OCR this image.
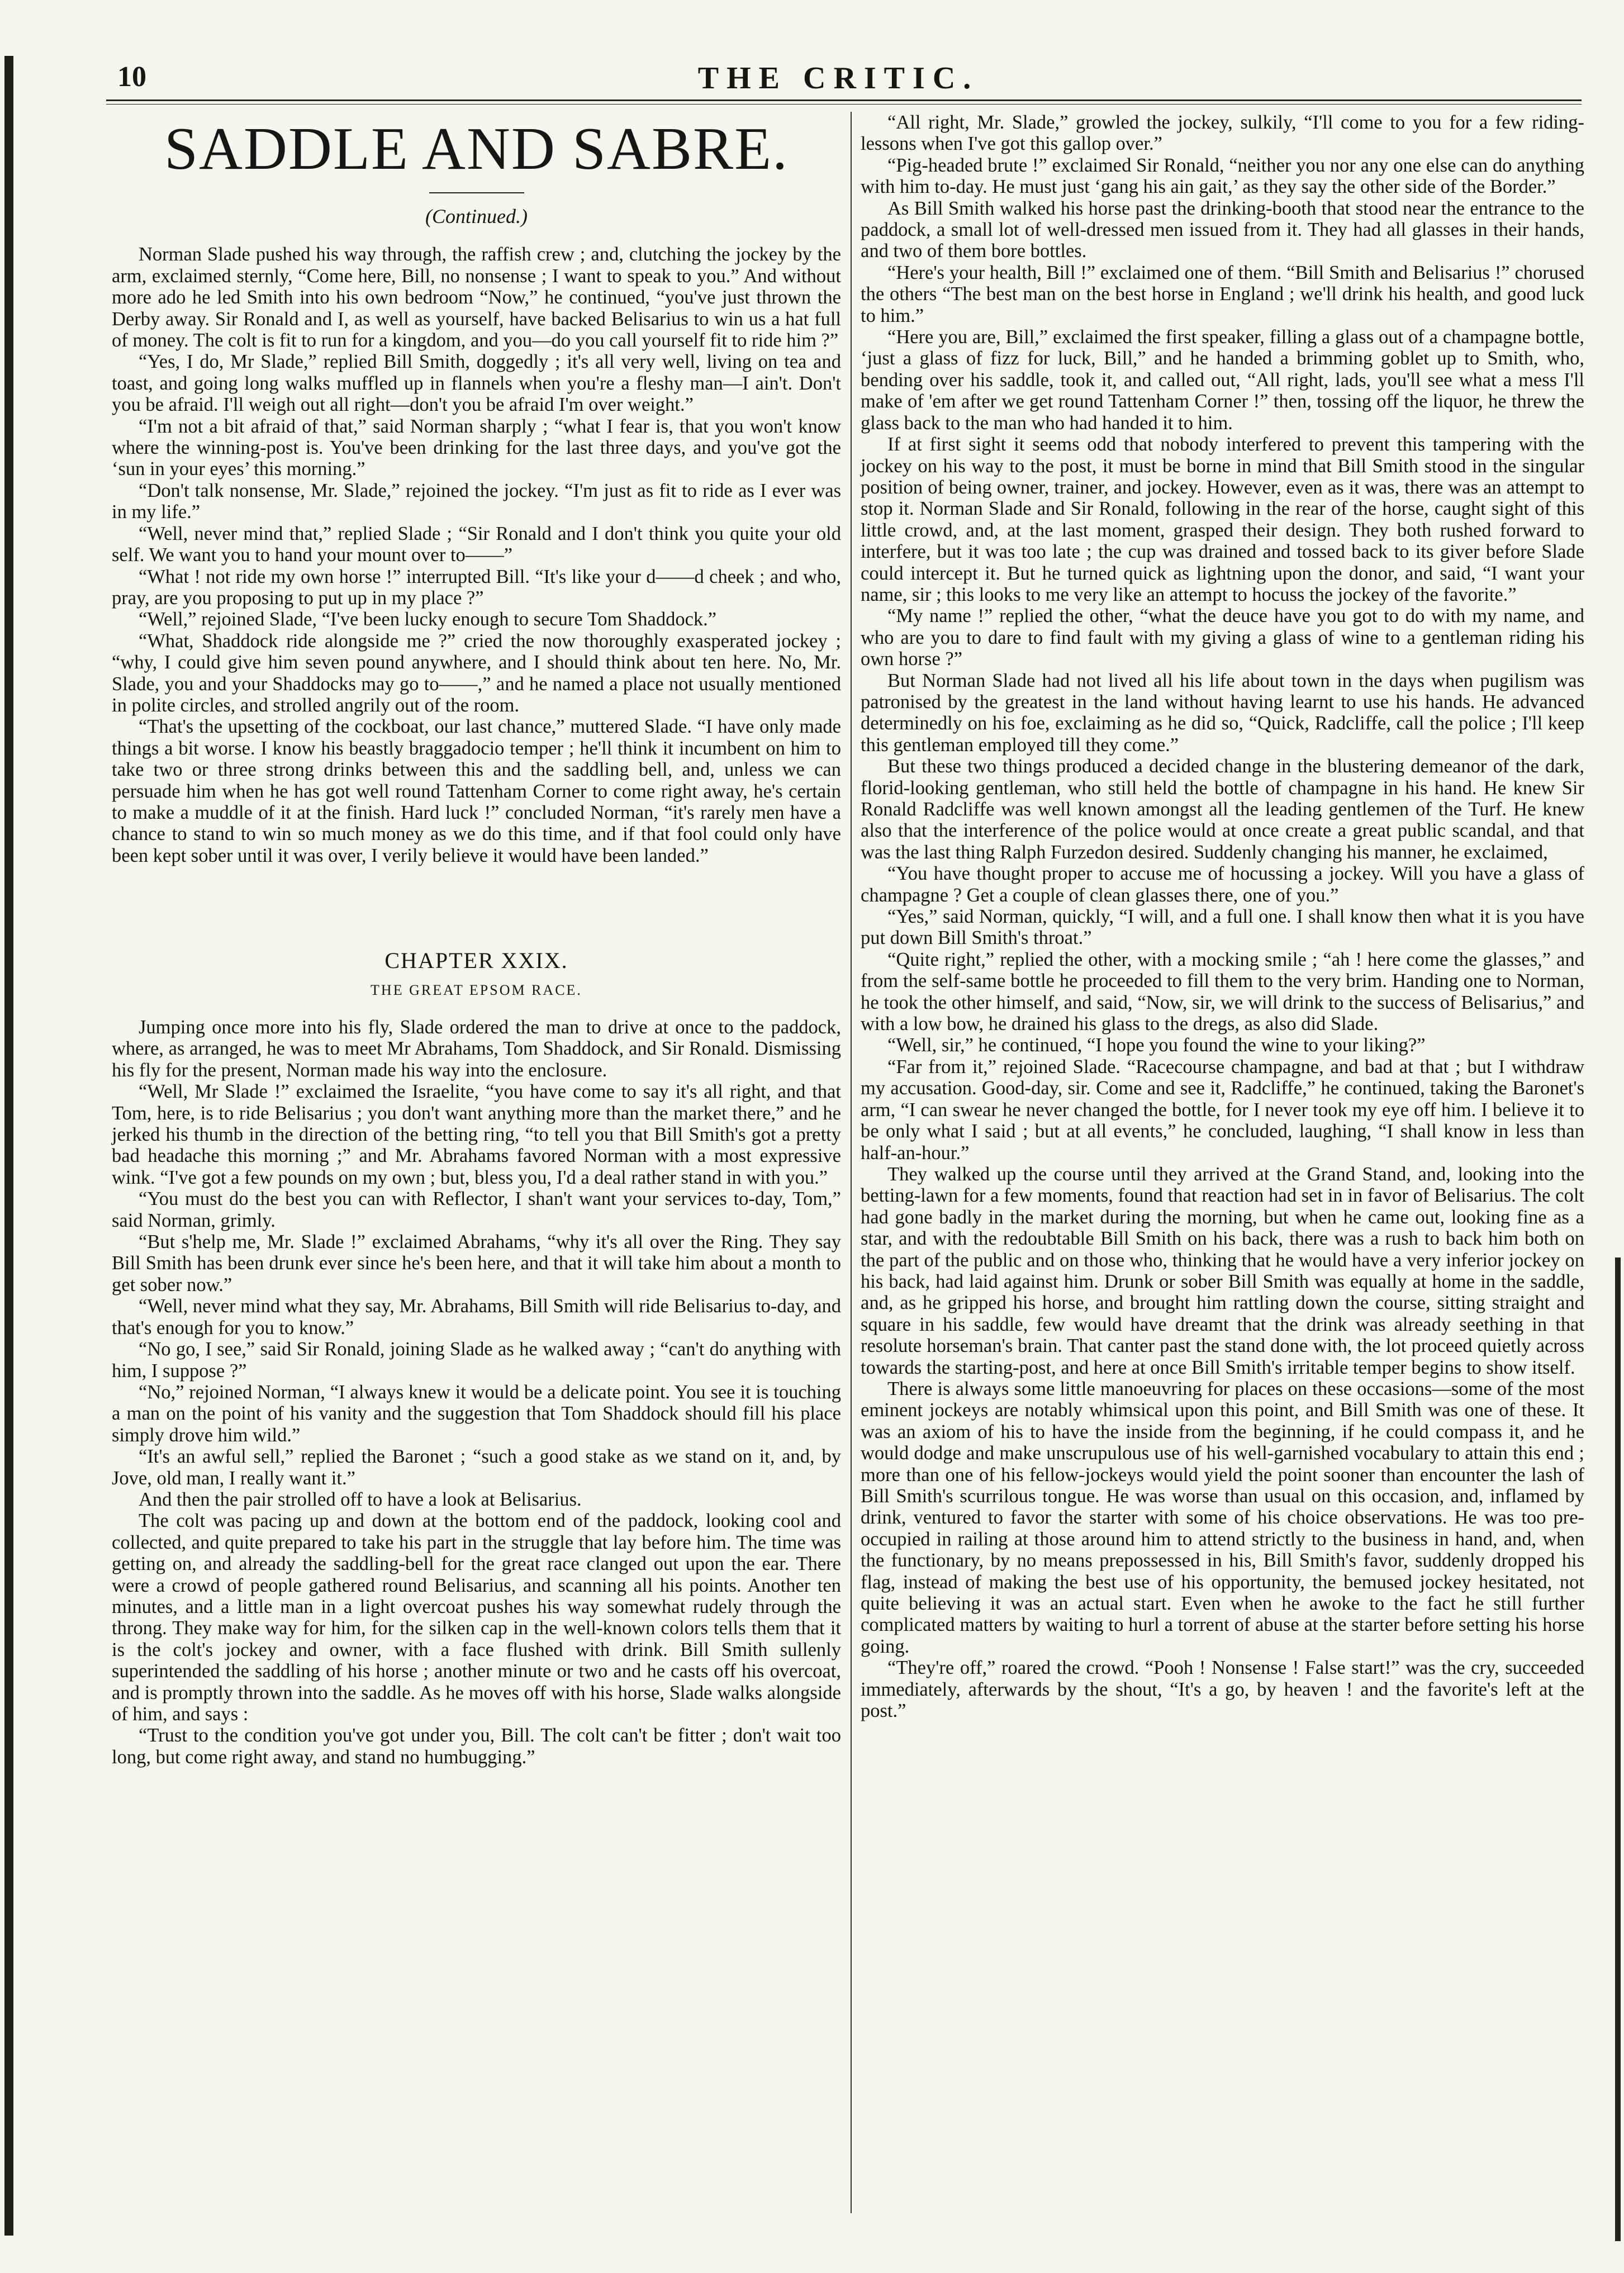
10	THE CRITIC.
SADDLE AND SABRE.
(Continued.)

Norman Slade pushed his way through, the raffish crew ; and, clutching the jockey by the arm, exclaimed sternly, “Come here, Bill, no nonsense ; I want to speak to you.” And without more ado he led Smith into his own bedroom “Now,” he continued, “you've just thrown the Derby away. Sir Ronald and I, as well as yourself, have backed Belisarius to win us a hat full of money. The colt is fit to run for a kingdom, and you—do you call yourself fit to ride him ?”

“Yes, I do, Mr Slade,” replied Bill Smith, doggedly ; it's all very well, living on tea and toast, and going long walks muffled up in flannels when you're a fleshy man—I ain't. Don't you be afraid. I'll weigh out all right—don't you be afraid I'm over weight.”

“I'm not a bit afraid of that,” said Norman sharply ; “what I fear is, that you won't know where the winning-post is. You've been drinking for the last three days, and you've got the ‘sun in your eyes’ this morning.”

“Don't talk nonsense, Mr. Slade,” rejoined the jockey. “I'm just as fit to ride as I ever was in my life.”

“Well, never mind that,” replied Slade ; “Sir Ronald and I don't think you quite your old self. We want you to hand your mount over to——”

“What ! not ride my own horse !” interrupted Bill. “It's like your d——d cheek ; and who, pray, are you proposing to put up in my place ?”

“Well,” rejoined Slade, “I've been lucky enough to secure Tom Shaddock.”

“What, Shaddock ride alongside me ?” cried the now thoroughly exasperated jockey ; “why, I could give him seven pound anywhere, and I should think about ten here. No, Mr. Slade, you and your Shaddocks may go to——,” and he named a place not usually mentioned in polite circles, and strolled angrily out of the room.

“That's the upsetting of the cockboat, our last chance,” muttered Slade. “I have only made things a bit worse. I know his beastly braggadocio temper ; he'll think it incumbent on him to take two or three strong drinks between this and the saddling bell, and, unless we can persuade him when he has got well round Tattenham Corner to come right away, he's certain to make a muddle of it at the finish. Hard luck !” concluded Norman, “it's rarely men have a chance to stand to win so much money as we do this time, and if that fool could only have been kept sober until it was over, I verily believe it would have been landed.”

CHAPTER XXIX.
THE GREAT EPSOM RACE.

Jumping once more into his fly, Slade ordered the man to drive at once to the paddock, where, as arranged, he was to meet Mr Abrahams, Tom Shaddock, and Sir Ronald. Dismissing his fly for the present, Norman made his way into the enclosure.

“Well, Mr Slade !” exclaimed the Israelite, “you have come to say it's all right, and that Tom, here, is to ride Belisarius ; you don't want anything more than the market there,” and he jerked his thumb in the direction of the betting ring, “to tell you that Bill Smith's got a pretty bad headache this morning ;” and Mr. Abrahams favored Norman with a most expressive wink. “I've got a few pounds on my own ; but, bless you, I'd a deal rather stand in with you.”

“You must do the best you can with Reflector, I shan't want your services to-day, Tom,” said Norman, grimly.

“But s'help me, Mr. Slade !” exclaimed Abrahams, “why it's all over the Ring. They say Bill Smith has been drunk ever since he's been here, and that it will take him about a month to get sober now.”

“Well, never mind what they say, Mr. Abrahams, Bill Smith will ride Belisarius to-day, and that's enough for you to know.”

“No go, I see,” said Sir Ronald, joining Slade as he walked away ; “can't do anything with him, I suppose ?”

“No,” rejoined Norman, “I always knew it would be a delicate point. You see it is touching a man on the point of his vanity and the suggestion that Tom Shaddock should fill his place simply drove him wild.”

“It's an awful sell,” replied the Baronet ; “such a good stake as we stand on it, and, by Jove, old man, I really want it.”

And then the pair strolled off to have a look at Belisarius.

The colt was pacing up and down at the bottom end of the paddock, looking cool and collected, and quite prepared to take his part in the struggle that lay before him. The time was getting on, and already the saddling-bell for the great race clanged out upon the ear. There were a crowd of people gathered round Belisarius, and scanning all his points. Another ten minutes, and a little man in a light overcoat pushes his way somewhat rudely through the throng. They make way for him, for the silken cap in the well-known colors tells them that it is the colt's jockey and owner, with a face flushed with drink. Bill Smith sullenly superintended the saddling of his horse ; another minute or two and he casts off his overcoat, and is promptly thrown into the saddle. As he moves off with his horse, Slade walks alongside of him, and says :

“Trust to the condition you've got under you, Bill. The colt can't be fitter ; don't wait too long, but come right away, and stand no humbugging.”

“All right, Mr. Slade,” growled the jockey, sulkily, “I'll come to you for a few riding-lessons when I've got this gallop over.”

“Pig-headed brute !” exclaimed Sir Ronald, “neither you nor any one else can do anything with him to-day. He must just ‘gang his ain gait,’ as they say the other side of the Border.”

As Bill Smith walked his horse past the drinking-booth that stood near the entrance to the paddock, a small lot of well-dressed men issued from it. They had all glasses in their hands, and two of them bore bottles.

“Here's your health, Bill !” exclaimed one of them. “Bill Smith and Belisarius !” chorused the others “The best man on the best horse in England ; we'll drink his health, and good luck to him.”

“Here you are, Bill,” exclaimed the first speaker, filling a glass out of a champagne bottle, ‘just a glass of fizz for luck, Bill,” and he handed a brimming goblet up to Smith, who, bending over his saddle, took it, and called out, “All right, lads, you'll see what a mess I'll make of 'em after we get round Tattenham Corner !” then, tossing off the liquor, he threw the glass back to the man who had handed it to him.

If at first sight it seems odd that nobody interfered to prevent this tampering with the jockey on his way to the post, it must be borne in mind that Bill Smith stood in the singular position of being owner, trainer, and jockey. However, even as it was, there was an attempt to stop it. Norman Slade and Sir Ronald, following in the rear of the horse, caught sight of this little crowd, and, at the last moment, grasped their design. They both rushed forward to interfere, but it was too late ; the cup was drained and tossed back to its giver before Slade could intercept it. But he turned quick as lightning upon the donor, and said, “I want your name, sir ; this looks to me very like an attempt to hocuss the jockey of the favorite.”

“My name !” replied the other, “what the deuce have you got to do with my name, and who are you to dare to find fault with my giving a glass of wine to a gentleman riding his own horse ?”

But Norman Slade had not lived all his life about town in the days when pugilism was patronised by the greatest in the land without having learnt to use his hands. He advanced determinedly on his foe, exclaiming as he did so, “Quick, Radcliffe, call the police ; I'll keep this gentleman employed till they come.”

But these two things produced a decided change in the blustering demeanor of the dark, florid-looking gentleman, who still held the bottle of champagne in his hand. He knew Sir Ronald Radcliffe was well known amongst all the leading gentlemen of the Turf. He knew also that the interference of the police would at once create a great public scandal, and that was the last thing Ralph Furzedon desired. Suddenly changing his manner, he exclaimed,

“You have thought proper to accuse me of hocussing a jockey. Will you have a glass of champagne ? Get a couple of clean glasses there, one of you.”

“Yes,” said Norman, quickly, “I will, and a full one. I shall know then what it is you have put down Bill Smith's throat.”

“Quite right,” replied the other, with a mocking smile ; “ah ! here come the glasses,” and from the self-same bottle he proceeded to fill them to the very brim. Handing one to Norman, he took the other himself, and said, “Now, sir, we will drink to the success of Belisarius,” and with a low bow, he drained his glass to the dregs, as also did Slade.

“Well, sir,” he continued, “I hope you found the wine to your liking?”

“Far from it,” rejoined Slade. “Racecourse champagne, and bad at that ; but I withdraw my accusation. Good-day, sir. Come and see it, Radcliffe,” he continued, taking the Baronet's arm, “I can swear he never changed the bottle, for I never took my eye off him. I believe it to be only what I said ; but at all events,” he concluded, laughing, “I shall know in less than half-an-hour.”

They walked up the course until they arrived at the Grand Stand, and, looking into the betting-lawn for a few moments, found that reaction had set in in favor of Belisarius. The colt had gone badly in the market during the morning, but when he came out, looking fine as a star, and with the redoubtable Bill Smith on his back, there was a rush to back him both on the part of the public and on those who, thinking that he would have a very inferior jockey on his back, had laid against him. Drunk or sober Bill Smith was equally at home in the saddle, and, as he gripped his horse, and brought him rattling down the course, sitting straight and square in his saddle, few would have dreamt that the drink was already seething in that resolute horseman's brain. That canter past the stand done with, the lot proceed quietly across towards the starting-post, and here at once Bill Smith's irritable temper begins to show itself.

There is always some little manoeuvring for places on these occasions—some of the most eminent jockeys are notably whimsical upon this point, and Bill Smith was one of these. It was an axiom of his to have the inside from the beginning, if he could compass it, and he would dodge and make unscrupulous use of his well-garnished vocabulary to attain this end ; more than one of his fellow-jockeys would yield the point sooner than encounter the lash of Bill Smith's scurrilous tongue. He was worse than usual on this occasion, and, inflamed by drink, ventured to favor the starter with some of his choice observations. He was too pre-occupied in railing at those around him to attend strictly to the business in hand, and, when the functionary, by no means prepossessed in his, Bill Smith's favor, suddenly dropped his flag, instead of making the best use of his opportunity, the bemused jockey hesitated, not quite believing it was an actual start. Even when he awoke to the fact he still further complicated matters by waiting to hurl a torrent of abuse at the starter before setting his horse going.

“They're off,” roared the crowd. “Pooh ! Nonsense ! False start!” was the cry, succeeded immediately, afterwards by the shout, “It's a go, by heaven ! and the favorite's left at the post.”
